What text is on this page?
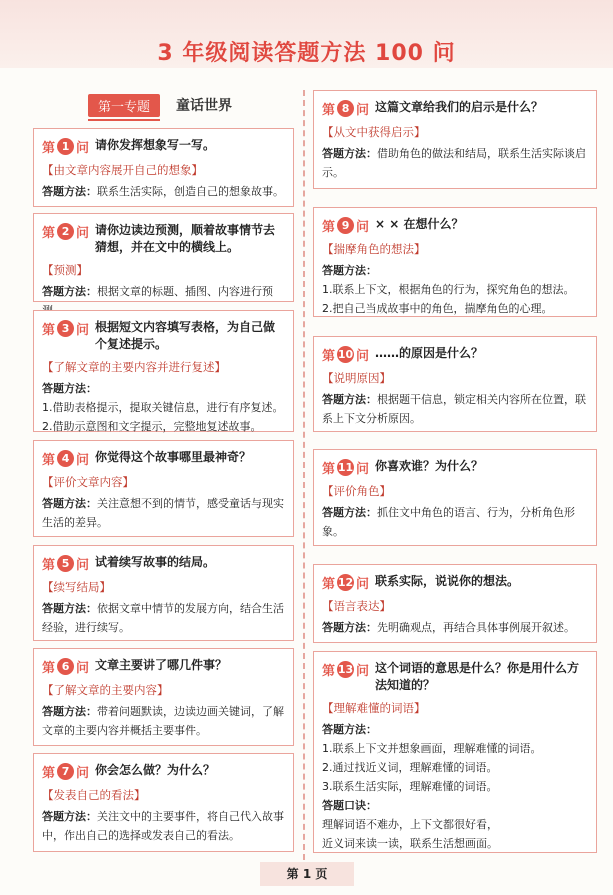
3 年级阅读答题方法 100 问
第一专题	童话世界
第 1 问 请你发挥想象写一写。
【由文章内容展开自己的想象】
答题方法：联系生活实际，创造自己的想象故事。
第 2 问 请你边读边预测，顺着故事情节去猜想，并在文中的横线上。
【预测】
答题方法：根据文章的标题、插图、内容进行预
第 3 问 根据短文内容填写表格，为自己做个复述提示。
【了解文章的主要内容并进行复述】
答题方法：
1.借助表格提示，提取关键信息，进行有序复述。
2.借助示意图和文字提示，完整地复述故事。
第 4 问 你觉得这个故事哪里最神奇？
【评价文章内容】
答题方法：关注意想不到的情节，感受童话与现实生活的差异。
第 5 问 试着续写故事的结局。
【续写结局】
答题方法：依据文章中情节的发展方向，结合生活经验，进行续写。
第 6 问 文章主要讲了哪几件事？
【了解文章的主要内容】
答题方法：带着问题默读，边读边画关键词，了解文章的主要内容并概括主要事件。
第 7 问 你会怎么做？为什么？
【发表自己的看法】
答题方法：关注文中的主要事件，将自己代入故事中，作出自己的选择或发表自己的看法。
第 8 问 这篇文章给我们的启示是什么？
【从文中获得启示】
答题方法：借助角色的做法和结局，联系生活实际谈启示。
第 9 问 × × 在想什么？
【揣摩角色的想法】
答题方法：
1.联系上下文，根据角色的行为，探究角色的想法。
2.把自己当成故事中的角色，揣摩角色的心理。
第 10 问 ……的原因是什么？
【说明原因】
答题方法：根据题干信息，锁定相关内容所在位置，联系上下文分析原因。
第 11 问 你喜欢谁？为什么？
【评价角色】
答题方法：抓住文中角色的语言、行为，分析角色形象。
第 12 问 联系实际，说说你的想法。
【语言表达】
答题方法：先明确观点，再结合具体事例展开叙述。
第 13 问 这个词语的意思是什么？你是用什么方法知道的？
【理解难懂的词语】
答题方法：
1.联系上下文并想象画面，理解难懂的词语。
2.通过找近义词，理解难懂的词语。
3.联系生活实际，理解难懂的词语。
答题口诀：
理解词语不难办，上下文都很好看，
近义词来读一读，联系生活想画面。
第 1 页
